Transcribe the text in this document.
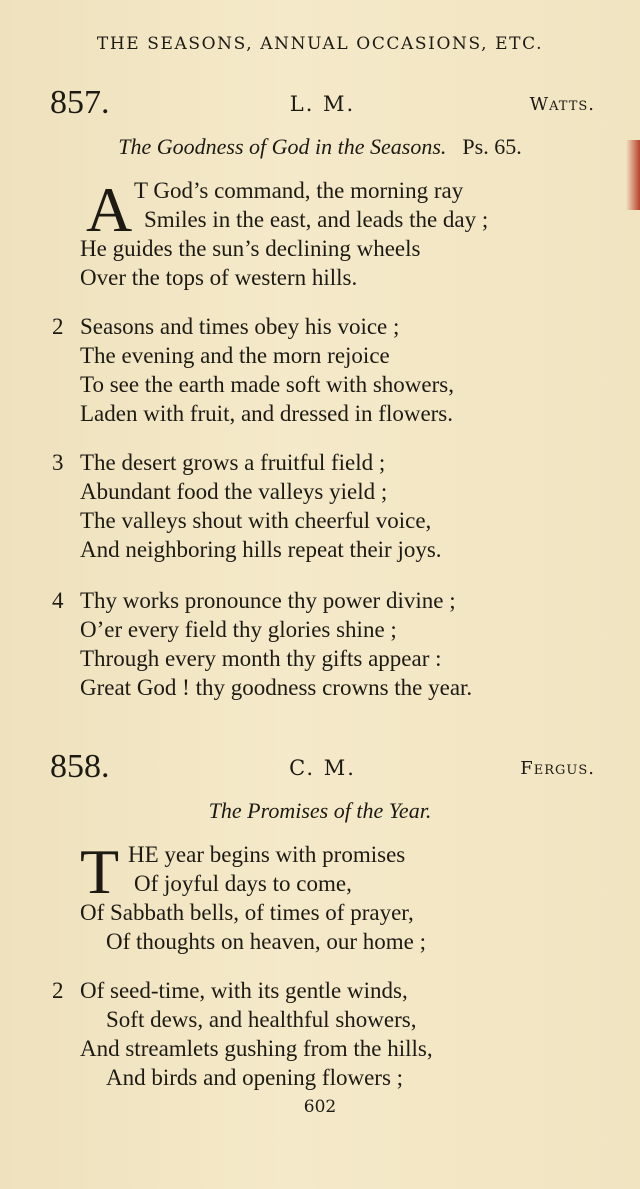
THE SEASONS, ANNUAL OCCASIONS, ETC.
857.	L. M.	Watts.
The Goodness of God in the Seasons. Ps. 65.
A T God’s command, the morning ray
Smiles in the east, and leads the day ;
He guides the sun’s declining wheels
Over the tops of western hills.
2 Seasons and times obey his voice ;
The evening and the morn rejoice
To see the earth made soft with showers,
Laden with fruit, and dressed in flowers.
3 The desert grows a fruitful field ;
Abundant food the valleys yield ;
The valleys shout with cheerful voice,
And neighboring hills repeat their joys.
4 Thy works pronounce thy power divine ;
O’er every field thy glories shine ;
Through every month thy gifts appear :
Great God ! thy goodness crowns the year.
858.	C. M.	Fergus.
The Promises of the Year.
T HE year begins with promises
Of joyful days to come,
Of Sabbath bells, of times of prayer,
Of thoughts on heaven, our home ;
2 Of seed-time, with its gentle winds,
Soft dews, and healthful showers,
And streamlets gushing from the hills,
And birds and opening flowers ;
602
